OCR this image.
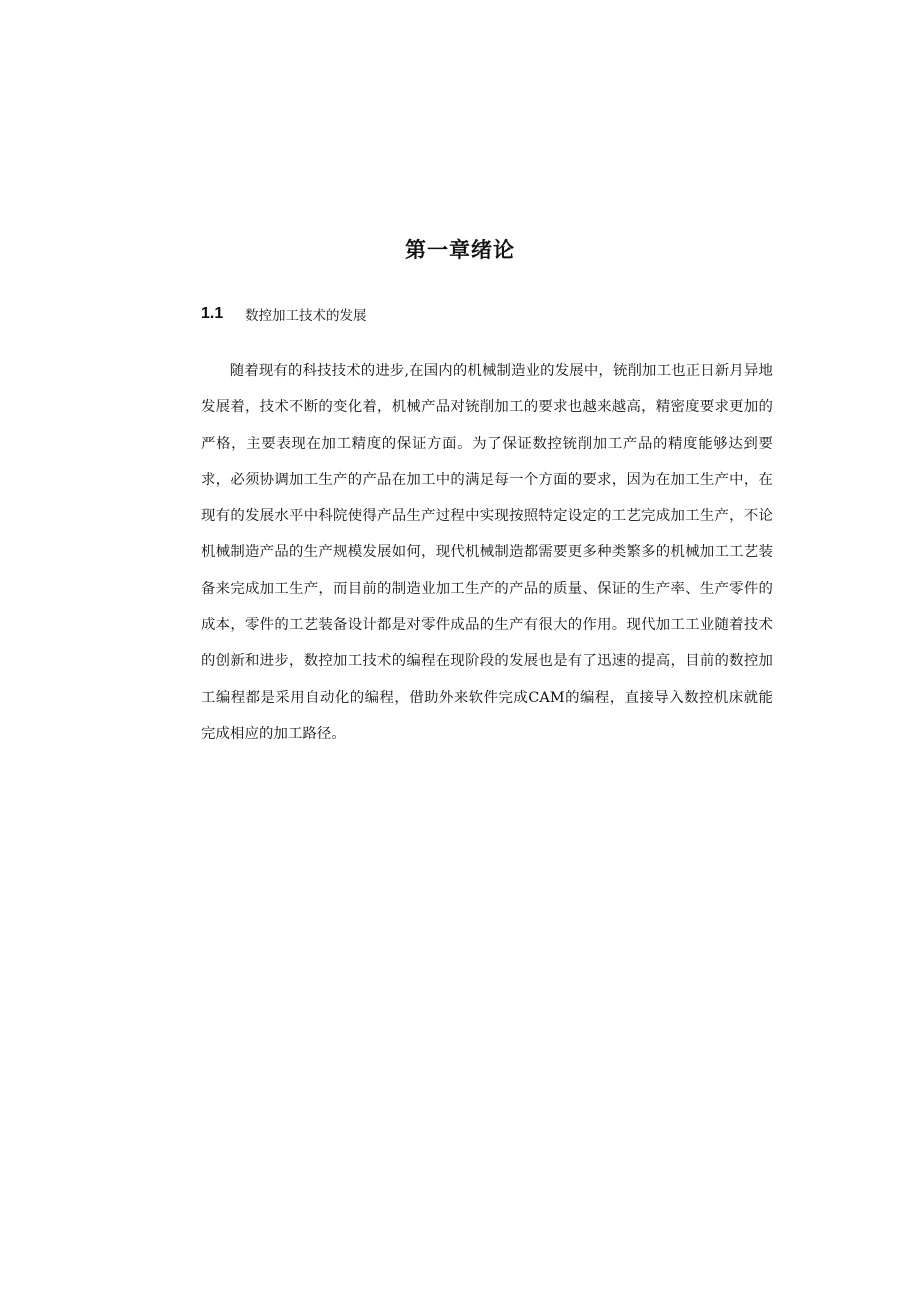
第一章绪论
1.1	数控加工技术的发展

随着现有的科技技术的进步,在国内的机械制造业的发展中，铳削加工也正日新月异地发展着，技术不断的变化着，机械产品对铳削加工的要求也越来越高，精密度要求更加的严格，主要表现在加工精度的保证方面。为了保证数控铳削加工产品的精度能够达到要求，必须协调加工生产的产品在加工中的满足每一个方面的要求，因为在加工生产中，在现有的发展水平中科院使得产品生产过程中实现按照特定设定的工艺完成加工生产，不论机械制造产品的生产规模发展如何，现代机械制造都需要更多种类繁多的机械加工工艺装备来完成加工生产，而目前的制造业加工生产的产品的质量、保证的生产率、生产零件的成本，零件的工艺装备设计都是对零件成品的生产有很大的作用。现代加工工业随着技术的创新和进步，数控加工技术的编程在现阶段的发展也是有了迅速的提高，目前的数控加工编程都是采用自动化的编程，借助外来软件完成CAM的编程，直接导入数控机床就能完成相应的加工路径。
